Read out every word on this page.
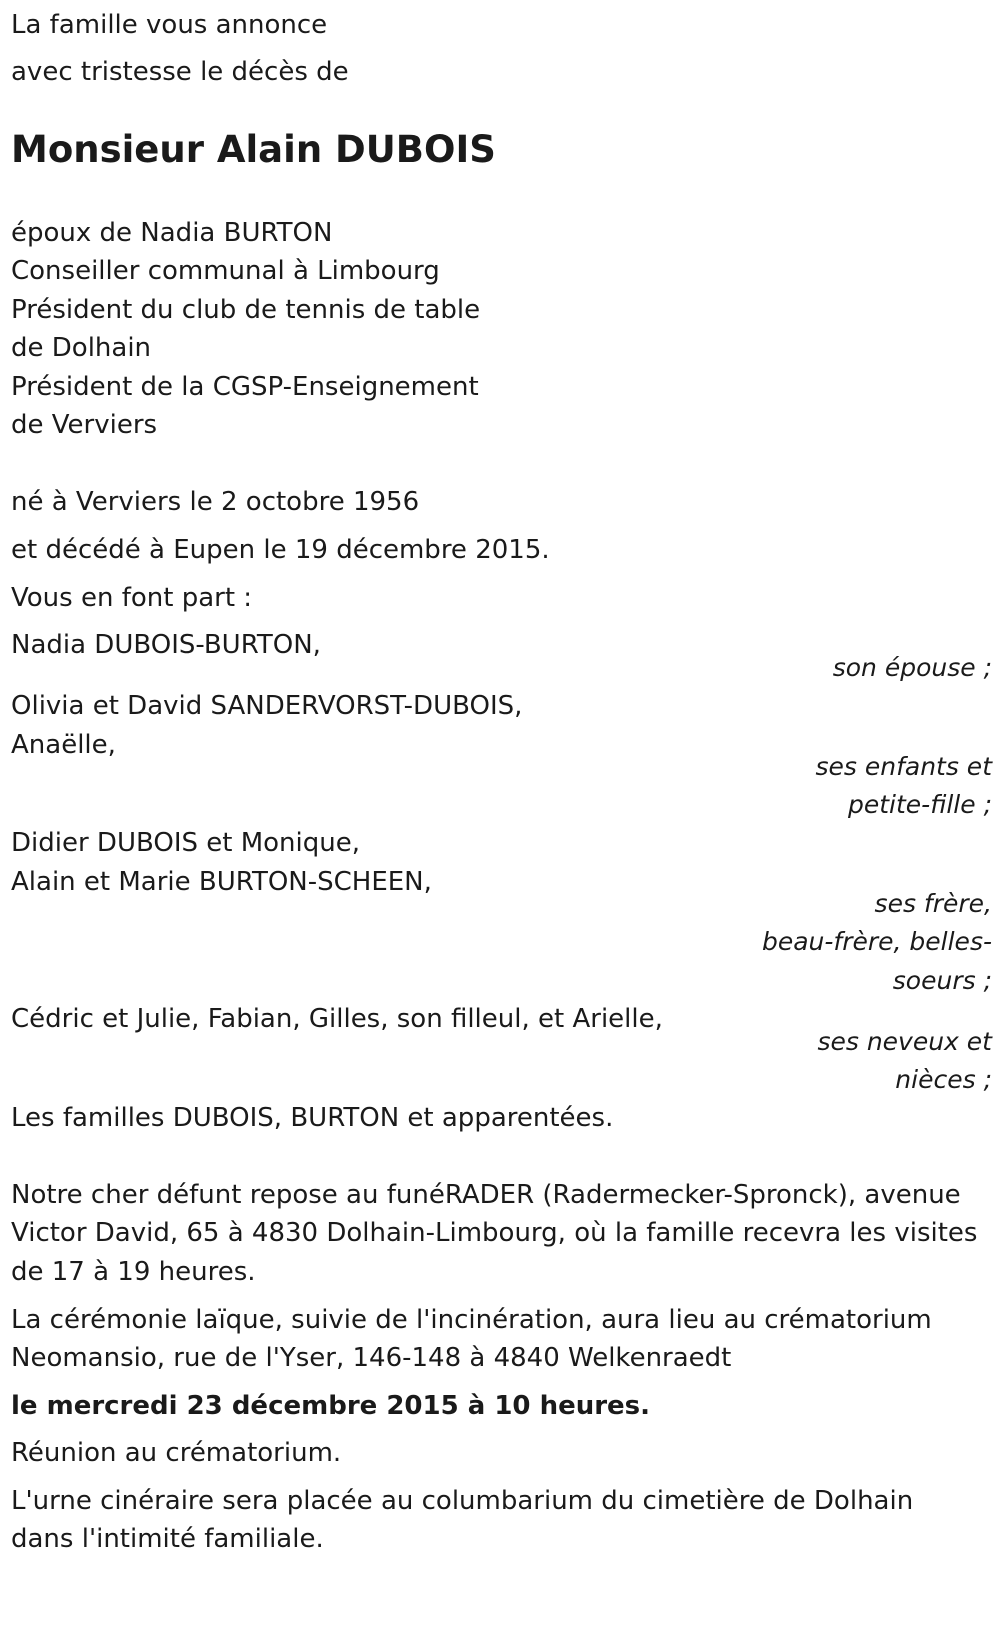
La famille vous annonce
avec tristesse le décès de
Monsieur Alain DUBOIS
époux de Nadia BURTON
Conseiller communal à Limbourg
Président du club de tennis de table
de Dolhain
Président de la CGSP-Enseignement
de Verviers
né à Verviers le 2 octobre 1956
et décédé à Eupen le 19 décembre 2015.
Vous en font part :
Nadia DUBOIS-BURTON,
son épouse ;
Olivia et David SANDERVORST-DUBOIS,
Anaëlle,
ses enfants et
petite-fille ;
Didier DUBOIS et Monique,
Alain et Marie BURTON-SCHEEN,
ses frère,
beau-frère, belles-
soeurs ;
Cédric et Julie, Fabian, Gilles, son filleul, et Arielle,
ses neveux et
nièces ;
Les familles DUBOIS, BURTON et apparentées.
Notre cher défunt repose au funéRADER (Radermecker-Spronck), avenue
Victor David, 65 à 4830 Dolhain-Limbourg, où la famille recevra les visites
de 17 à 19 heures.
La cérémonie laïque, suivie de l'incinération, aura lieu au crématorium
Neomansio, rue de l'Yser, 146-148 à 4840 Welkenraedt
le mercredi 23 décembre 2015 à 10 heures.
Réunion au crématorium.
L'urne cinéraire sera placée au columbarium du cimetière de Dolhain
dans l'intimité familiale.
